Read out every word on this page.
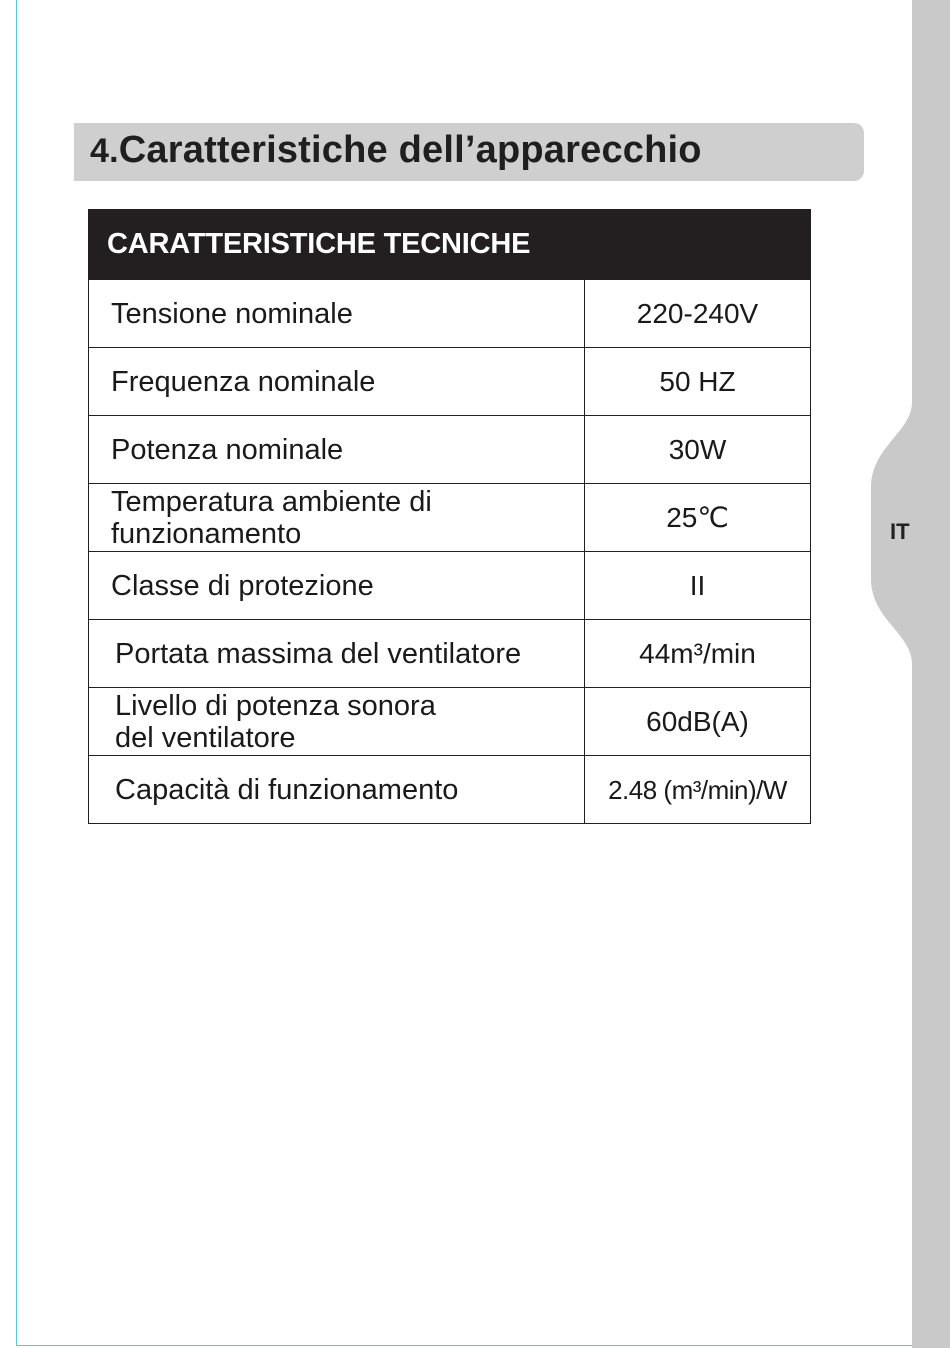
IT
4.Caratteristiche dell’apparecchio
CARATTERISTICHE TECNICHE	
Tensione nominale	220-240V
Frequenza nominale	50 HZ
Potenza nominale	30W
Temperatura ambiente di funzionamento	25℃
Classe di protezione	II
Portata massima del ventilatore	44m³/min
Livello di potenza sonora del ventilatore	60dB(A)
Capacità di funzionamento	2.48 (m³/min)/W
